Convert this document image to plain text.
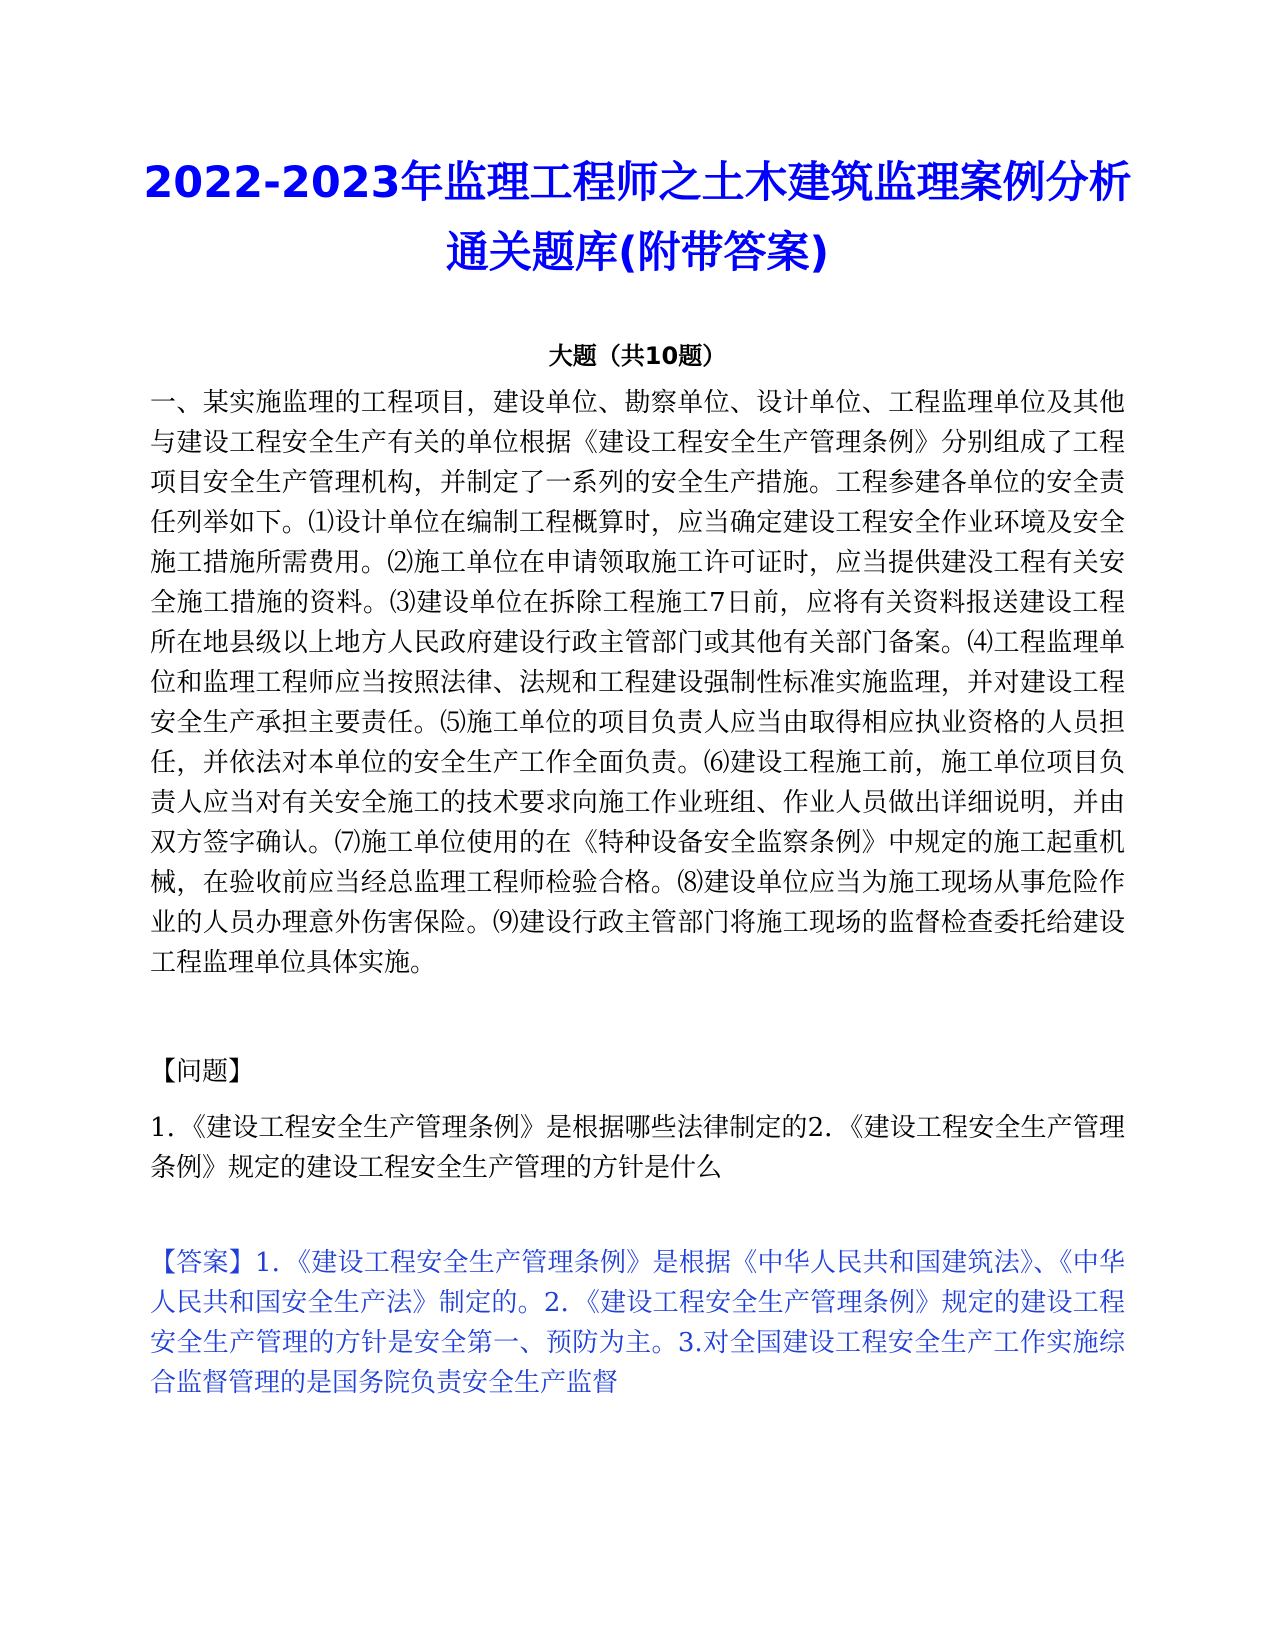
2022-2023年监理工程师之土木建筑监理案例分析通关题库(附带答案)
大题（共10题）

一、某实施监理的工程项目，建设单位、勘察单位、设计单位、工程监理单位及其他与建设工程安全生产有关的单位根据《建设工程安全生产管理条例》分别组成了工程项目安全生产管理机构，并制定了一系列的安全生产措施。工程参建各单位的安全责任列举如下。⑴设计单位在编制工程概算时，应当确定建设工程安全作业环境及安全施工措施所需费用。⑵施工单位在申请领取施工许可证时，应当提供建没工程有关安全施工措施的资料。⑶建设单位在拆除工程施工7日前，应将有关资料报送建设工程所在地县级以上地方人民政府建设行政主管部门或其他有关部门备案。⑷工程监理单位和监理工程师应当按照法律、法规和工程建设强制性标准实施监理，并对建设工程安全生产承担主要责任。⑸施工单位的项目负责人应当由取得相应执业资格的人员担任，并依法对本单位的安全生产工作全面负责。⑹建设工程施工前，施工单位项目负责人应当对有关安全施工的技术要求向施工作业班组、作业人员做出详细说明，并由双方签字确认。⑺施工单位使用的在《特种设备安全监察条例》中规定的施工起重机械，在验收前应当经总监理工程师检验合格。⑻建设单位应当为施工现场从事危险作业的人员办理意外伤害保险。⑼建设行政主管部门将施工现场的监督检查委托给建设工程监理单位具体实施。

【问题】

1．《建设工程安全生产管理条例》是根据哪些法律制定的2．《建设工程安全生产管理条例》规定的建设工程安全生产管理的方针是什么

【答案】1．《建设工程安全生产管理条例》是根据《中华人民共和国建筑法》、《中华人民共和国安全生产法》制定的。2．《建设工程安全生产管理条例》规定的建设工程安全生产管理的方针是安全第一、预防为主。3.对全国建设工程安全生产工作实施综合监督管理的是国务院负责安全生产监督
